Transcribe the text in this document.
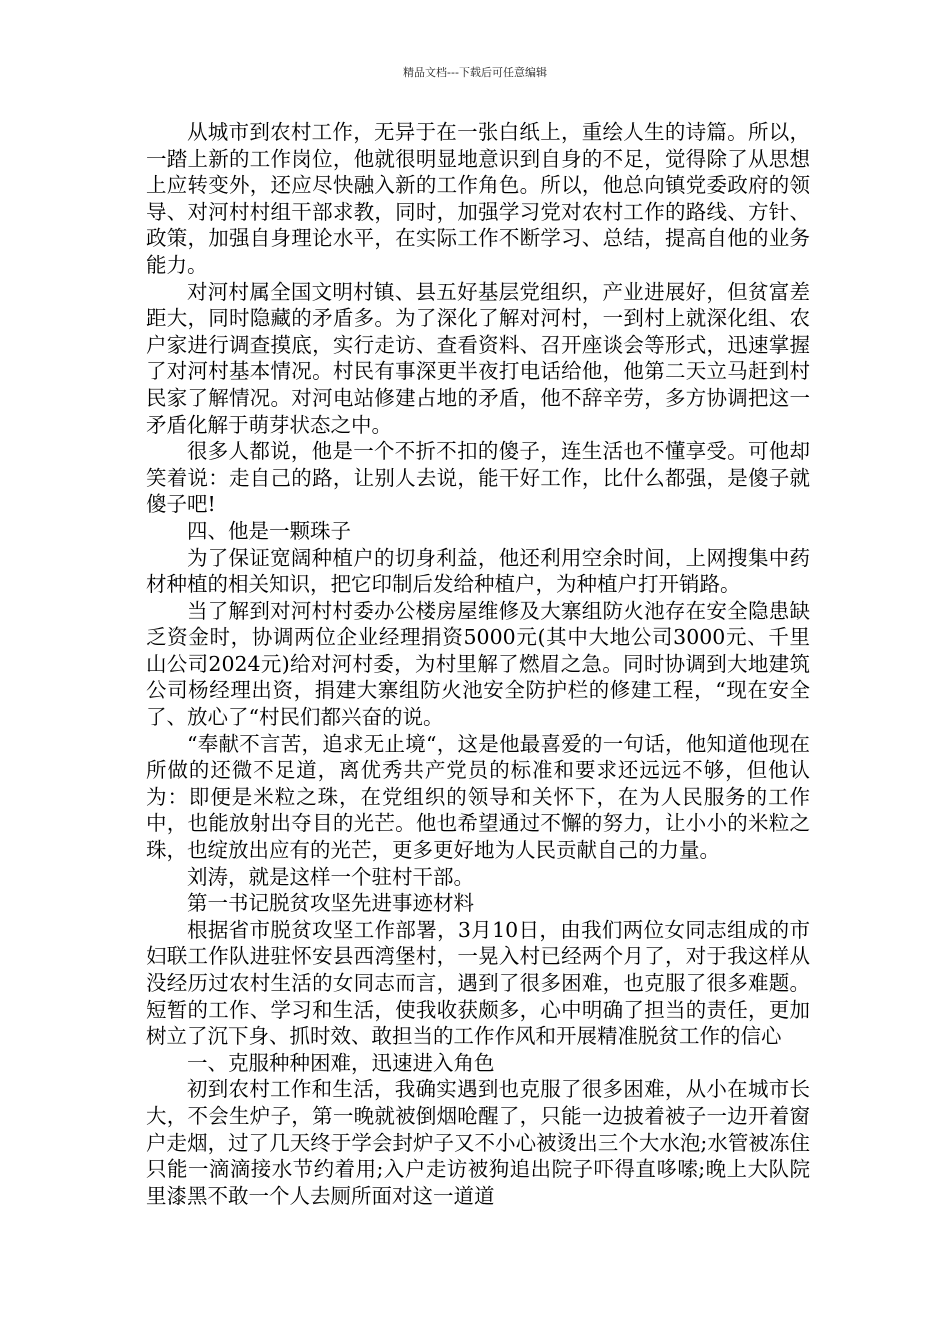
精品文档---下载后可任意编辑

从城市到农村工作，无异于在一张白纸上，重绘人生的诗篇。所以，一踏上新的工作岗位，他就很明显地意识到自身的不足，觉得除了从思想上应转变外，还应尽快融入新的工作角色。所以，他总向镇党委政府的领导、对河村村组干部求教，同时，加强学习党对农村工作的路线、方针、政策，加强自身理论水平，在实际工作不断学习、总结，提高自他的业务能力。

对河村属全国文明村镇、县五好基层党组织，产业进展好，但贫富差距大，同时隐藏的矛盾多。为了深化了解对河村，一到村上就深化组、农户家进行调查摸底，实行走访、查看资料、召开座谈会等形式，迅速掌握了对河村基本情况。村民有事深更半夜打电话给他，他第二天立马赶到村民家了解情况。对河电站修建占地的矛盾，他不辞辛劳，多方协调把这一矛盾化解于萌芽状态之中。

很多人都说，他是一个不折不扣的傻子，连生活也不懂享受。可他却笑着说：走自己的路，让别人去说，能干好工作，比什么都强，是傻子就傻子吧!

四、他是一颗珠子

为了保证宽阔种植户的切身利益，他还利用空余时间，上网搜集中药材种植的相关知识，把它印制后发给种植户，为种植户打开销路。

当了解到对河村村委办公楼房屋维修及大寨组防火池存在安全隐患缺乏资金时，协调两位企业经理捐资5000元(其中大地公司3000元、千里山公司2024元)给对河村委，为村里解了燃眉之急。同时协调到大地建筑公司杨经理出资，捐建大寨组防火池安全防护栏的修建工程，“现在安全了、放心了“村民们都兴奋的说。

“奉献不言苦，追求无止境“，这是他最喜爱的一句话，他知道他现在所做的还微不足道，离优秀共产党员的标准和要求还远远不够，但他认为：即便是米粒之珠，在党组织的领导和关怀下，在为人民服务的工作中，也能放射出夺目的光芒。他也希望通过不懈的努力，让小小的米粒之珠，也绽放出应有的光芒，更多更好地为人民贡献自己的力量。

刘涛，就是这样一个驻村干部。

第一书记脱贫攻坚先进事迹材料

根据省市脱贫攻坚工作部署，3月10日，由我们两位女同志组成的市妇联工作队进驻怀安县西湾堡村，一晃入村已经两个月了，对于我这样从没经历过农村生活的女同志而言，遇到了很多困难，也克服了很多难题。短暂的工作、学习和生活，使我收获颇多，心中明确了担当的责任，更加树立了沉下身、抓时效、敢担当的工作作风和开展精准脱贫工作的信心

一、克服种种困难，迅速进入角色

初到农村工作和生活，我确实遇到也克服了很多困难，从小在城市长大，不会生炉子，第一晚就被倒烟呛醒了，只能一边披着被子一边开着窗户走烟，过了几天终于学会封炉子又不小心被烫出三个大水泡;水管被冻住只能一滴滴接水节约着用;入户走访被狗追出院子吓得直哆嗦;晚上大队院里漆黑不敢一个人去厕所面对这一道道
